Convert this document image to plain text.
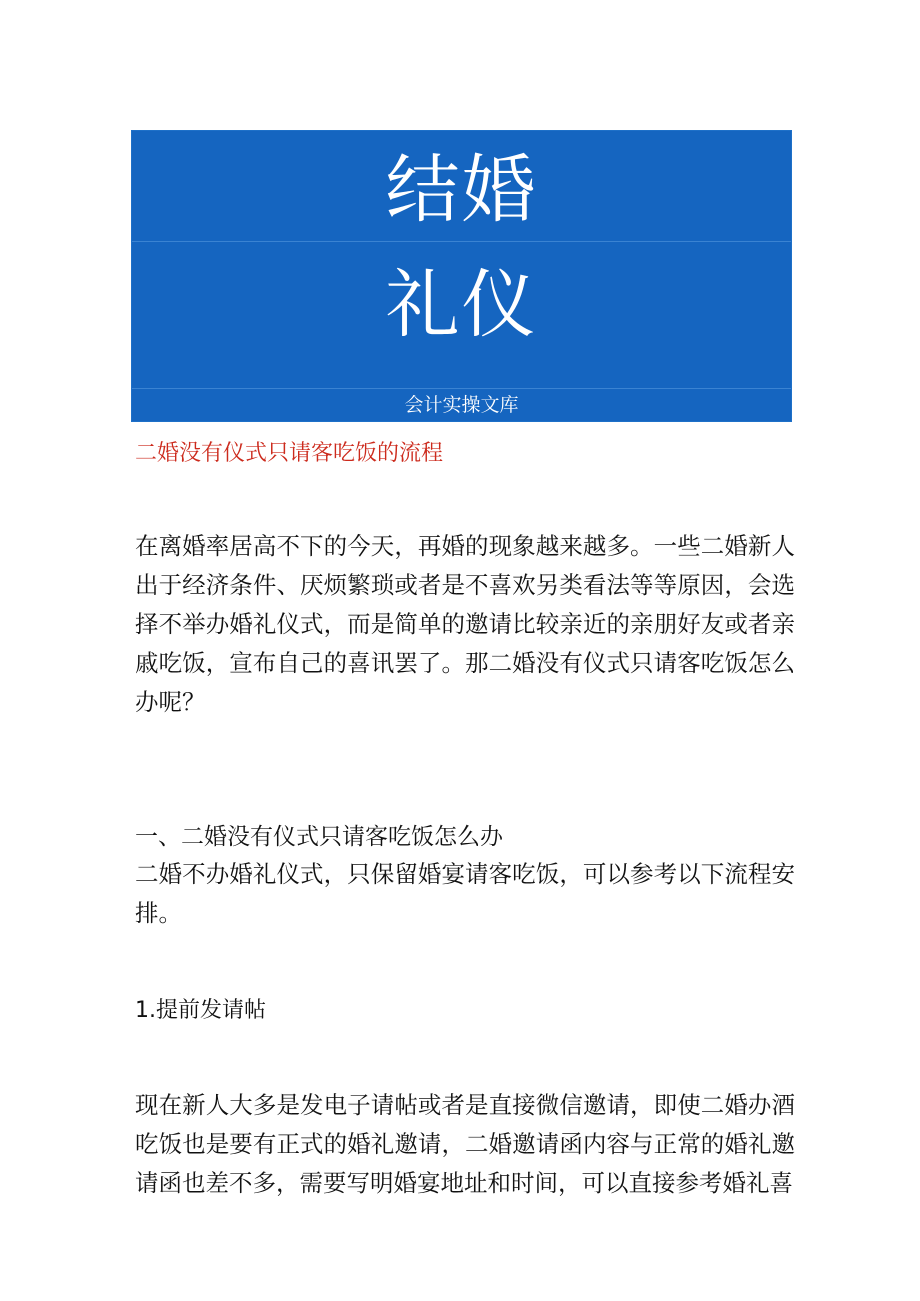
结婚
礼仪
会计实操文库
二婚没有仪式只请客吃饭的流程

在离婚率居高不下的今天，再婚的现象越来越多。一些二婚新人出于经济条件、厌烦繁琐或者是不喜欢另类看法等等原因，会选择不举办婚礼仪式，而是简单的邀请比较亲近的亲朋好友或者亲戚吃饭，宣布自己的喜讯罢了。那二婚没有仪式只请客吃饭怎么办呢？

一、二婚没有仪式只请客吃饭怎么办

二婚不办婚礼仪式，只保留婚宴请客吃饭，可以参考以下流程安排。

1.提前发请帖

现在新人大多是发电子请帖或者是直接微信邀请，即使二婚办酒吃饭也是要有正式的婚礼邀请，二婚邀请函内容与正常的婚礼邀请函也差不多，需要写明婚宴地址和时间，可以直接参考婚礼喜
